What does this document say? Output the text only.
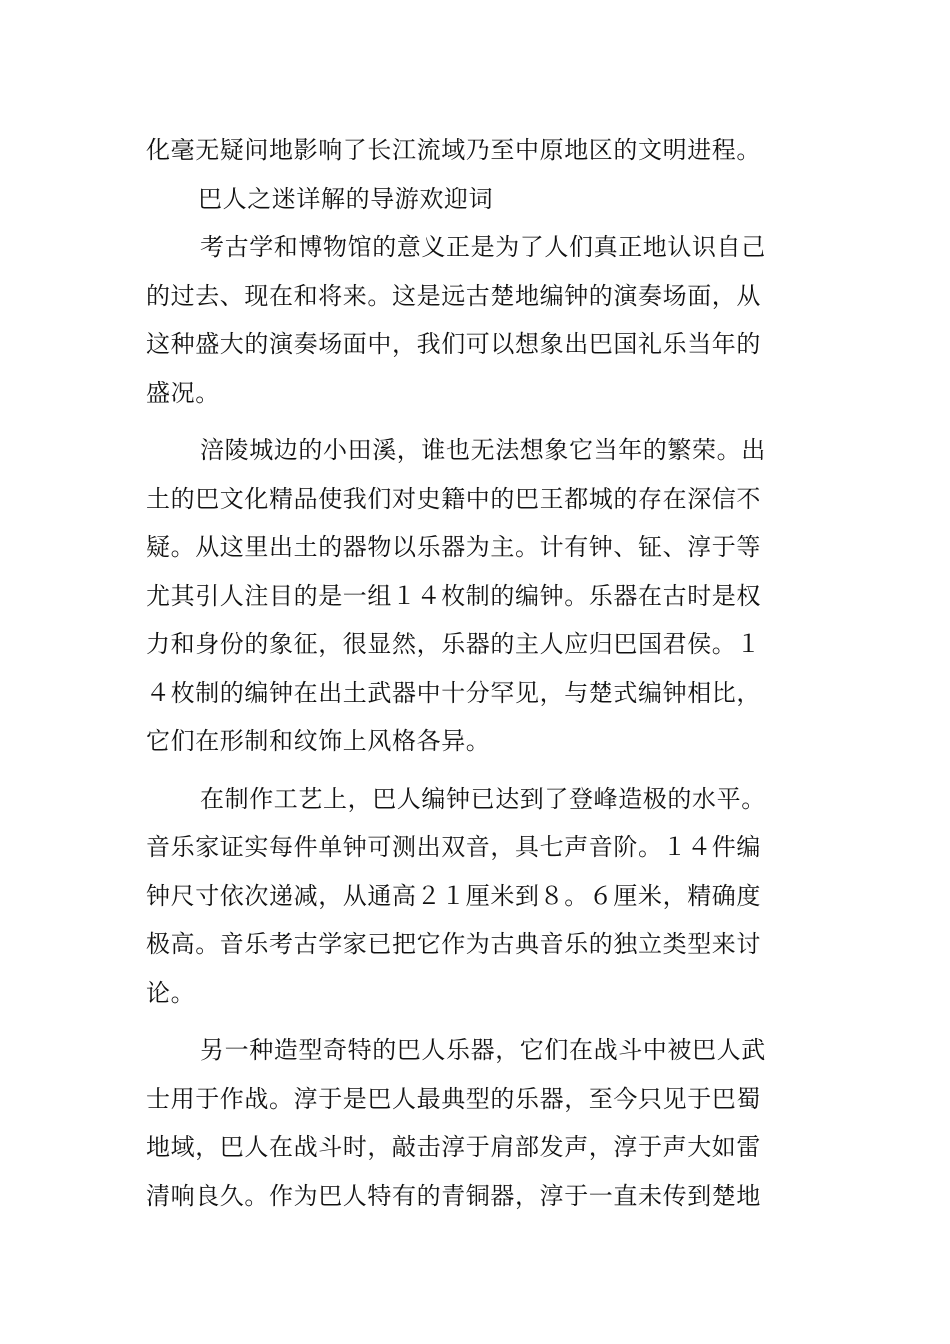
化毫无疑问地影响了长江流域乃至中原地区的文明进程。
巴人之迷详解的导游欢迎词
考古学和博物馆的意义正是为了人们真正地认识自己
的过去、现在和将来。这是远古楚地编钟的演奏场面，从
这种盛大的演奏场面中，我们可以想象出巴国礼乐当年的
盛况。
涪陵城边的小田溪，谁也无法想象它当年的繁荣。出
土的巴文化精品使我们对史籍中的巴王都城的存在深信不
疑。从这里出土的器物以乐器为主。计有钟、钲、淳于等
尤其引人注目的是一组１４枚制的编钟。乐器在古时是权
力和身份的象征，很显然，乐器的主人应归巴国君侯。１
４枚制的编钟在出土武器中十分罕见，与楚式编钟相比，
它们在形制和纹饰上风格各异。
在制作工艺上，巴人编钟已达到了登峰造极的水平。
音乐家证实每件单钟可测出双音，具七声音阶。１４件编
钟尺寸依次递减，从通高２１厘米到８。６厘米，精确度
极高。音乐考古学家已把它作为古典音乐的独立类型来讨
论。
另一种造型奇特的巴人乐器，它们在战斗中被巴人武
士用于作战。淳于是巴人最典型的乐器，至今只见于巴蜀
地域，巴人在战斗时，敲击淳于肩部发声，淳于声大如雷
清响良久。作为巴人特有的青铜器，淳于一直未传到楚地
